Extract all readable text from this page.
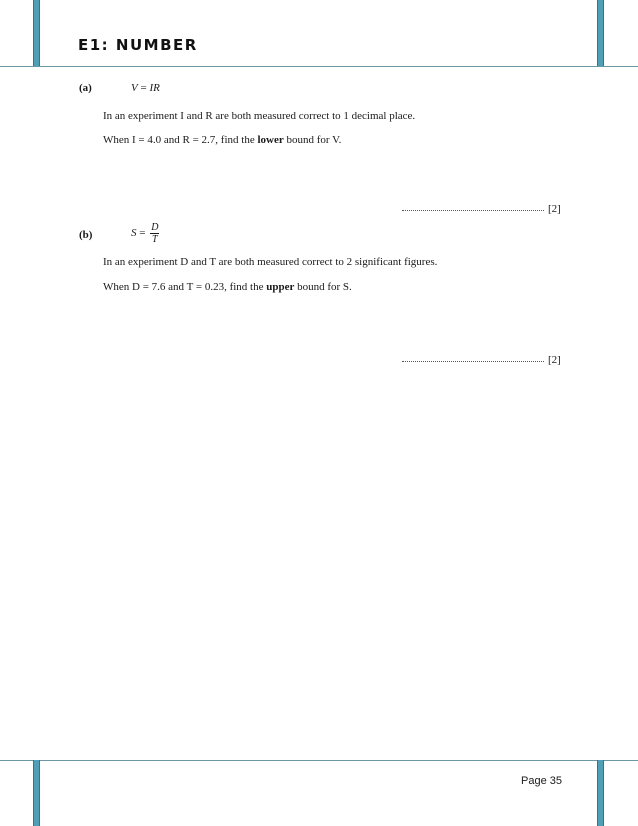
E1: NUMBER
(a)	V = IR
In an experiment I and R are both measured correct to 1 decimal place.
When I = 4.0 and R = 2.7, find the lower bound for V.
[2]
(b)	$S = \frac{D}{T}$
In an experiment D and T are both measured correct to 2 significant figures.
When D = 7.6 and T = 0.23, find the upper bound for S.
[2]
Page 35
